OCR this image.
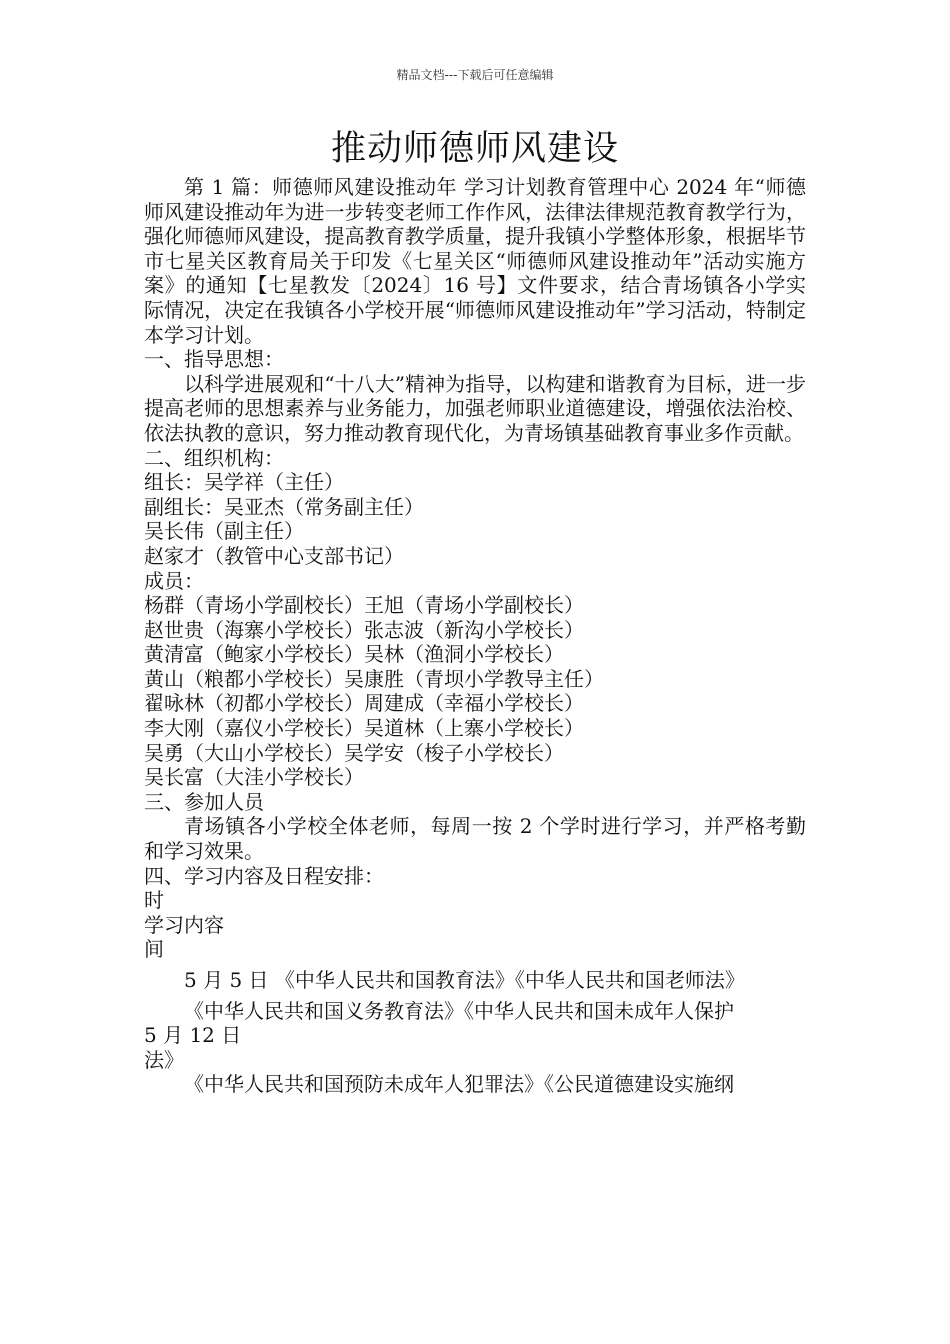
精品文档---下载后可任意编辑
推动师德师风建设

第 1 篇：师德师风建设推动年 学习计划教育管理中心 2024 年“师德师风建设推动年为进一步转变老师工作作风，法律法律规范教育教学行为，强化师德师风建设，提高教育教学质量，提升我镇小学整体形象，根据毕节市七星关区教育局关于印发《七星关区“师德师风建设推动年”活动实施方案》的通知【七星教发〔2024〕16 号】文件要求，结合青场镇各小学实际情况，决定在我镇各小学校开展“师德师风建设推动年”学习活动，特制定本学习计划。

一、指导思想：

以科学进展观和“十八大”精神为指导，以构建和谐教育为目标，进一步提高老师的思想素养与业务能力，加强老师职业道德建设，增强依法治校、依法执教的意识，努力推动教育现代化，为青场镇基础教育事业多作贡献。

二、组织机构：

组长：吴学祥（主任）

副组长：吴亚杰（常务副主任）

吴长伟（副主任）

赵家才（教管中心支部书记）

成员：

杨群（青场小学副校长）王旭（青场小学副校长）

赵世贵（海寨小学校长）张志波（新沟小学校长）

黄清富（鲍家小学校长）吴林（渔洞小学校长）

黄山（粮都小学校长）吴康胜（青坝小学教导主任）

翟咏林（初都小学校长）周建成（幸福小学校长）

李大刚（嘉仪小学校长）吴道林（上寨小学校长）

吴勇（大山小学校长）吴学安（梭子小学校长）

吴长富（大洼小学校长）

三、参加人员

青场镇各小学校全体老师，每周一按 2 个学时进行学习，并严格考勤和学习效果。

四、学习内容及日程安排：

时

学习内容

间

5 月 5 日 《中华人民共和国教育法》《中华人民共和国老师法》

《中华人民共和国义务教育法》《中华人民共和国未成年人保护

5 月 12 日

法》

《中华人民共和国预防未成年人犯罪法》《公民道德建设实施纲
